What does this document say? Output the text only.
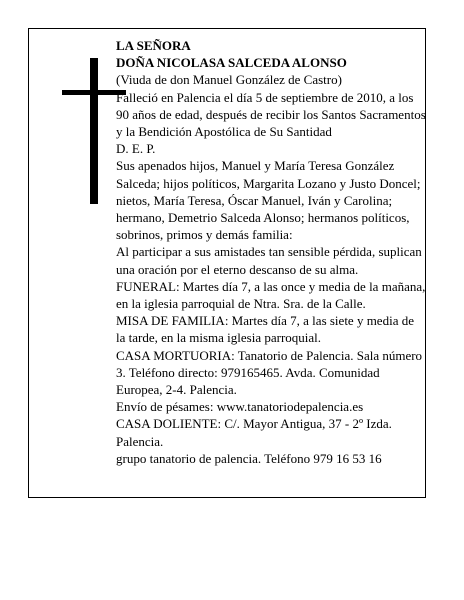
LA SEÑORA

DOÑA NICOLASA SALCEDA ALONSO

(Viuda de don Manuel González de Castro)

Falleció en Palencia el día 5 de septiembre de 2010, a los 90 años de edad, después de recibir los Santos Sacramentos y la Bendición Apostólica de Su Santidad

D. E. P.

Sus apenados hijos, Manuel y María Teresa González Salceda; hijos políticos, Margarita Lozano y Justo Doncel; nietos, María Teresa, Óscar Manuel, Iván y Carolina; hermano, Demetrio Salceda Alonso; hermanos políticos, sobrinos, primos y demás familia:

Al participar a sus amistades tan sensible pérdida, suplican una oración por el eterno descanso de su alma.

FUNERAL: Martes día 7, a las once y media de la mañana, en la iglesia parroquial de Ntra. Sra. de la Calle.

MISA DE FAMILIA: Martes día 7, a las siete y media de la tarde, en la misma iglesia parroquial.

CASA MORTUORIA: Tanatorio de Palencia. Sala número 3. Teléfono directo: 979165465. Avda. Comunidad Europea, 2-4. Palencia.

Envío de pésames: www.tanatoriodepalencia.es

CASA DOLIENTE: C/. Mayor Antigua, 37 - 2º Izda. Palencia.

grupo tanatorio de palencia. Teléfono 979 16 53 16
